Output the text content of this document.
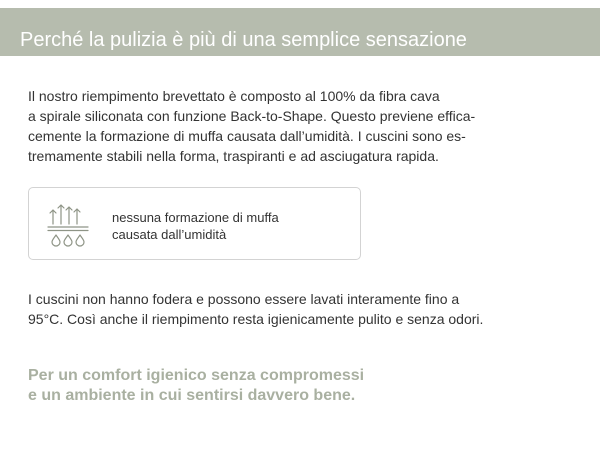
Perché la pulizia è più di una semplice sensazione

Il nostro riempimento brevettato è composto al 100% da fibra cava
a spirale siliconata con funzione Back-to-Shape. Questo previene effica-
cemente la formazione di muffa causata dall’umidità. I cuscini sono es-
tremamente stabili nella forma, traspiranti e ad asciugatura rapida.

nessuna formazione di muffa
causata dall’umidità

I cuscini non hanno fodera e possono essere lavati interamente fino a
95°C. Così anche il riempimento resta igienicamente pulito e senza odori.

Per un comfort igienico senza compromessi
e un ambiente in cui sentirsi davvero bene.
